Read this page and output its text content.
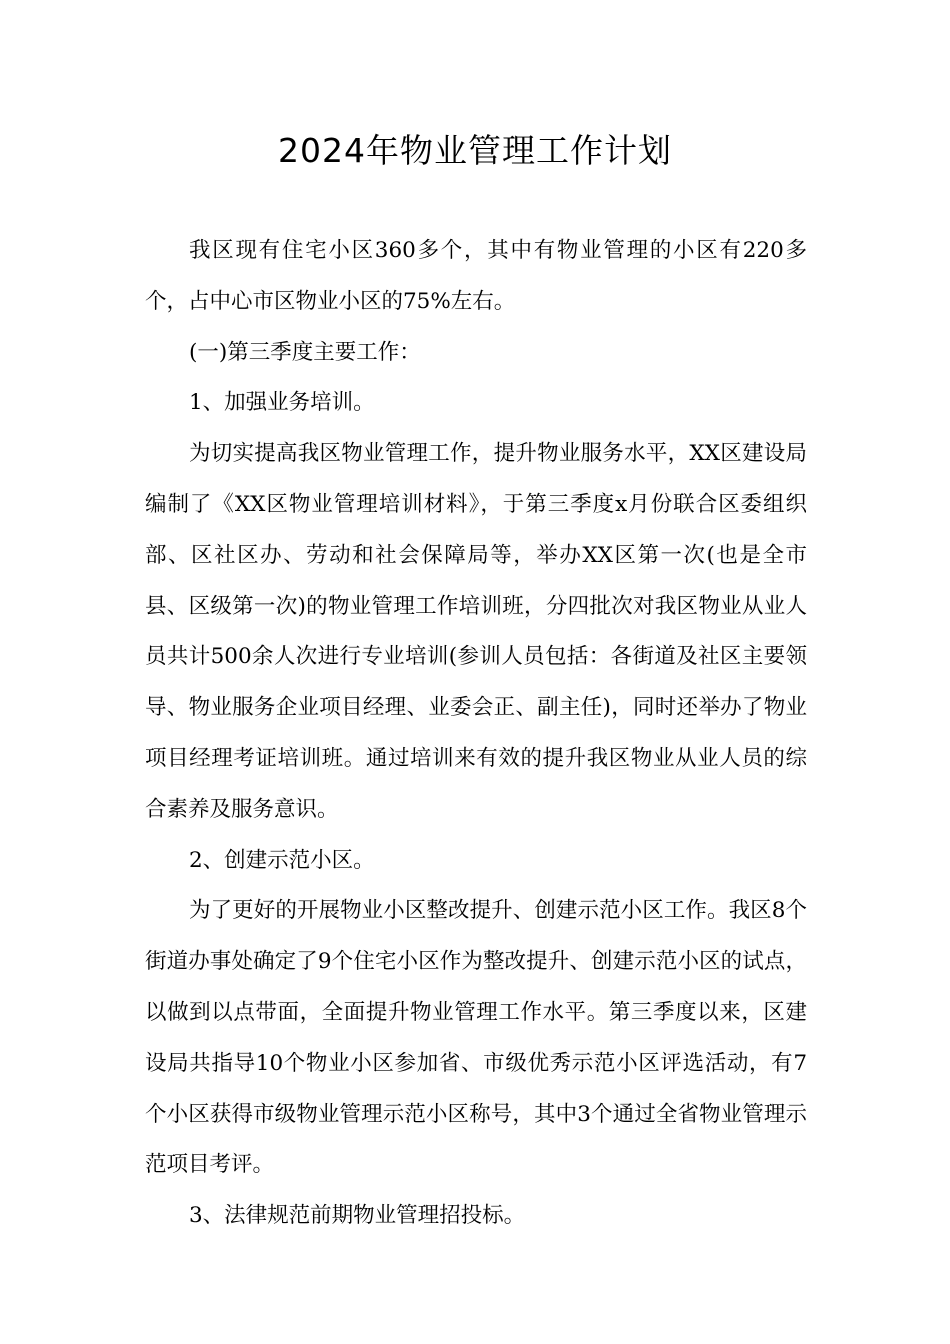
2024年物业管理工作计划

我区现有住宅小区360多个，其中有物业管理的小区有220多个，占中心市区物业小区的75%左右。

(一)第三季度主要工作：

1、加强业务培训。

为切实提高我区物业管理工作，提升物业服务水平，XX区建设局编制了《XX区物业管理培训材料》，于第三季度x月份联合区委组织部、区社区办、劳动和社会保障局等，举办XX区第一次(也是全市县、区级第一次)的物业管理工作培训班，分四批次对我区物业从业人员共计500余人次进行专业培训(参训人员包括：各街道及社区主要领导、物业服务企业项目经理、业委会正、副主任)，同时还举办了物业项目经理考证培训班。通过培训来有效的提升我区物业从业人员的综合素养及服务意识。

2、创建示范小区。

为了更好的开展物业小区整改提升、创建示范小区工作。我区8个街道办事处确定了9个住宅小区作为整改提升、创建示范小区的试点，以做到以点带面，全面提升物业管理工作水平。第三季度以来，区建设局共指导10个物业小区参加省、市级优秀示范小区评选活动，有7个小区获得市级物业管理示范小区称号，其中3个通过全省物业管理示范项目考评。

3、法律规范前期物业管理招投标。
